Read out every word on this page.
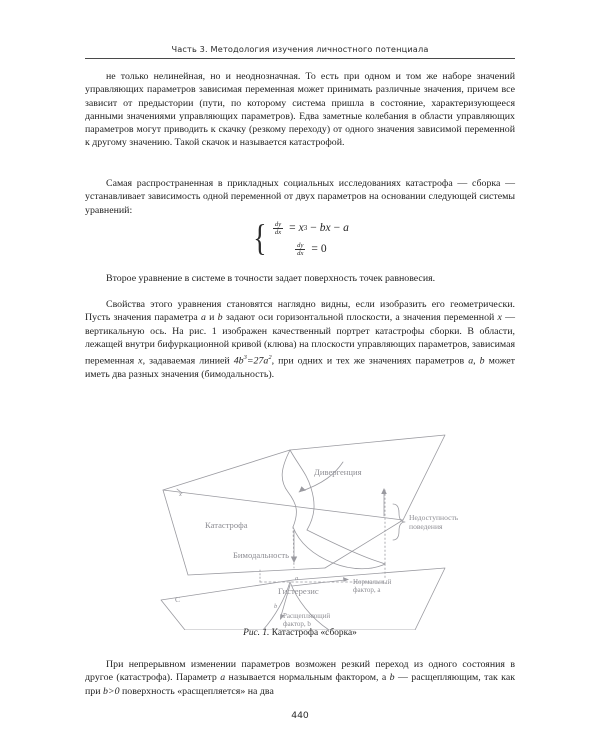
Часть 3. Методология изучения личностного потенциала

не только нелинейная, но и неоднозначная. То есть при одном и том же наборе значений управляющих параметров зависимая переменная может принимать различные значения, причем все зависит от предыстории (пути, по которому система пришла в состояние, характеризующееся данными значениями управляющих параметров). Едва заметные колебания в области управляющих параметров могут приводить к скачку (резкому переходу) от одного значения зависимой переменной к другому значению. Такой скачок и называется катастрофой.

Самая распространенная в прикладных социальных исследованиях катастрофа — сборка — устанавливает зависимость одной переменной от двух параметров на основании следующей системы уравнений:

{ $\frac{dy}{dx} = x$ 3 − bx − a
$\frac{dy}{dx} = 0$

Второе уравнение в системе в точности задает поверхность точек равновесия.

Свойства этого уравнения становятся наглядно видны, если изобразить его геометрически. Пусть значения параметра a и b задают оси горизонтальной плоскости, а значения переменной x — вертикальную ось. На рис. 1 изображен качественный портрет катастрофы сборки. В области, лежащей внутри бифуркационной кривой (клюва) на плоскости управляющих параметров, зависимая переменная x, задаваемая линией $4b^3=27a^2$, при одних и тех же значениях параметров a, b может иметь два разных значения (бимодальность).

Дивергенция
Катастрофа
Бимодальность
Гистерезис
Недоступность
поведения
Нормальный
фактор, a
Расщепляющий
фактор, b
x
a
b
C
Рис. 1. Катастрофа «сборка»

При непрерывном изменении параметров возможен резкий переход из одного состояния в другое (катастрофа). Параметр a называется нормальным фактором, а b — расщепляющим, так как при b>0 поверхность «расщепляется» на два

440
